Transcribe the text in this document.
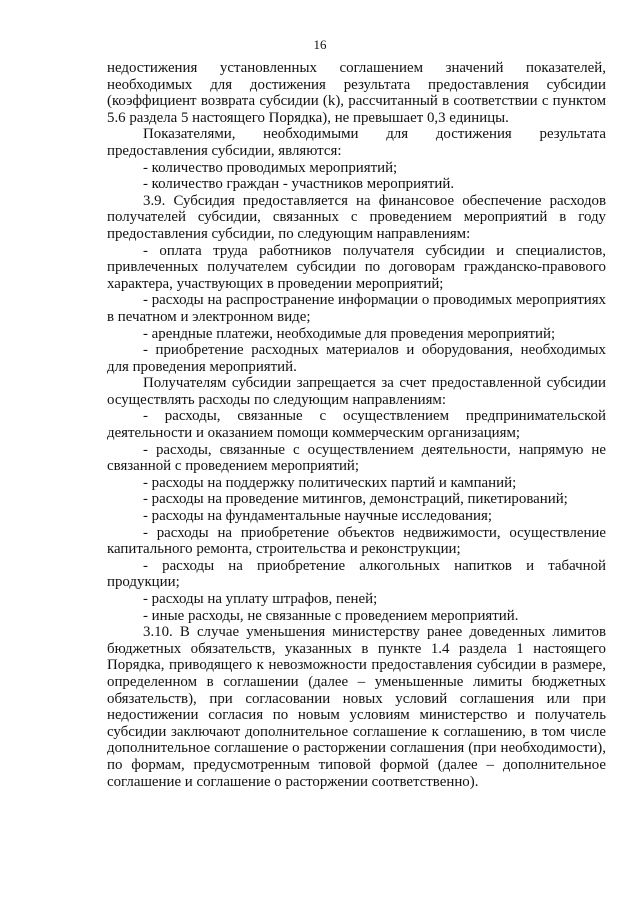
16

недостижения установленных соглашением значений показателей, необходимых для достижения результата предоставления субсидии (коэффициент возврата субсидии (k), рассчитанный в соответствии с пунктом 5.6 раздела 5 настоящего Порядка), не превышает 0,3 единицы.

Показателями, необходимыми для достижения результата предоставления субсидии, являются:

- количество проводимых мероприятий;

- количество граждан - участников мероприятий.

3.9. Субсидия предоставляется на финансовое обеспечение расходов получателей субсидии, связанных с проведением мероприятий в году предоставления субсидии, по следующим направлениям:

- оплата труда работников получателя субсидии и специалистов, привлеченных получателем субсидии по договорам гражданско-правового характера, участвующих в проведении мероприятий;

- расходы на распространение информации о проводимых мероприятиях в печатном и электронном виде;

- арендные платежи, необходимые для проведения мероприятий;

- приобретение расходных материалов и оборудования, необходимых для проведения мероприятий.

Получателям субсидии запрещается за счет предоставленной субсидии осуществлять расходы по следующим направлениям:

- расходы, связанные с осуществлением предпринимательской деятельности и оказанием помощи коммерческим организациям;

- расходы, связанные с осуществлением деятельности, напрямую не связанной с проведением мероприятий;

- расходы на поддержку политических партий и кампаний;

- расходы на проведение митингов, демонстраций, пикетирований;

- расходы на фундаментальные научные исследования;

- расходы на приобретение объектов недвижимости, осуществление капитального ремонта, строительства и реконструкции;

- расходы на приобретение алкогольных напитков и табачной продукции;

- расходы на уплату штрафов, пеней;

- иные расходы, не связанные с проведением мероприятий.

3.10. В случае уменьшения министерству ранее доведенных лимитов бюджетных обязательств, указанных в пункте 1.4 раздела 1 настоящего Порядка, приводящего к невозможности предоставления субсидии в размере, определенном в соглашении (далее – уменьшенные лимиты бюджетных обязательств), при согласовании новых условий соглашения или при недостижении согласия по новым условиям министерство и получатель субсидии заключают дополнительное соглашение к соглашению, в том числе дополнительное соглашение о расторжении соглашения (при необходимости), по формам, предусмотренным типовой формой (далее – дополнительное соглашение и соглашение о расторжении соответственно).
